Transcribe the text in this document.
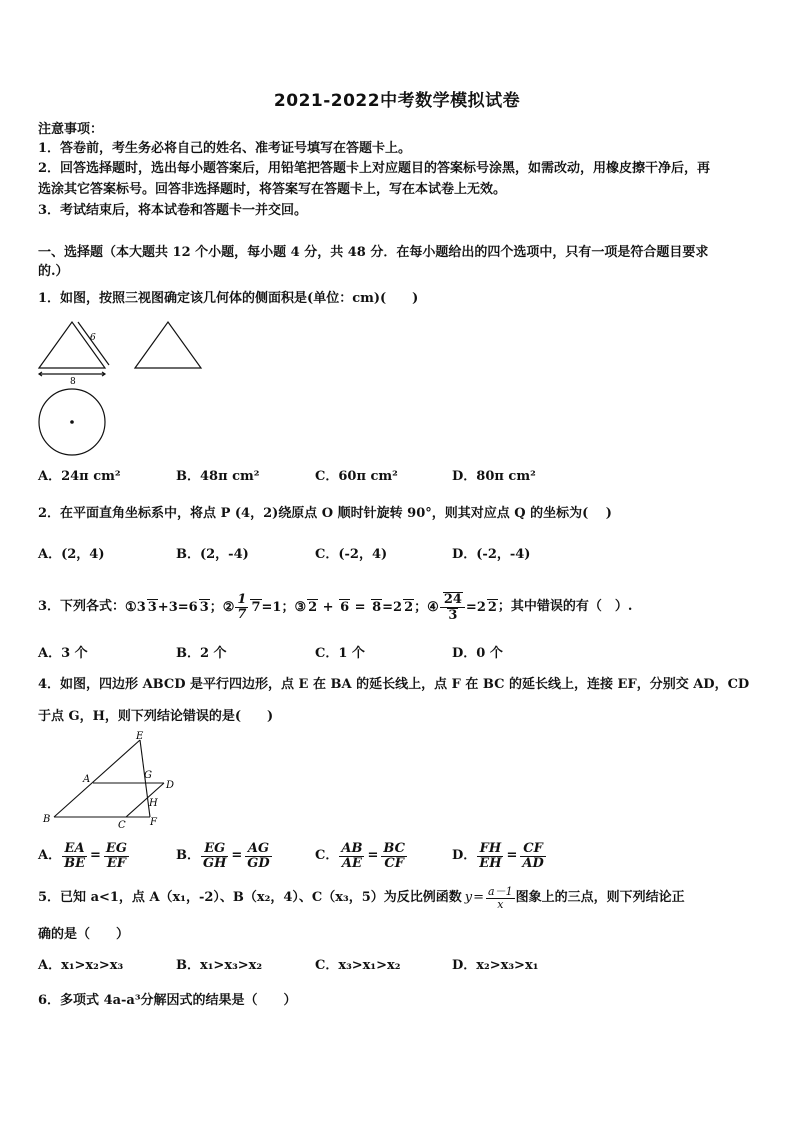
2021-2022中考数学模拟试卷
注意事项：
1．答卷前，考生务必将自己的姓名、准考证号填写在答题卡上。
2．回答选择题时，选出每小题答案后，用铅笔把答题卡上对应题目的答案标号涂黑，如需改动，用橡皮擦干净后，再
选涂其它答案标号。回答非选择题时，将答案写在答题卡上，写在本试卷上无效。
3．考试结束后，将本试卷和答题卡一并交回。
一、选择题（本大题共 12 个小题，每小题 4 分，共 48 分．在每小题给出的四个选项中，只有一项是符合题目要求
的.）
1．如图，按照三视图确定该几何体的侧面积是(单位：cm)(　　)
6
8
A．24π cm²	B．48π cm²	C．60π cm²	D．80π cm²
2．在平面直角坐标系中，将点 P (4，2)绕原点 O 顺时针旋转 90°，则其对应点 Q 的坐标为(　 )
A．(2，4)	B．(2，-4)	C．(-2，4)	D．(-2，-4)
3．下列各式： ①3 3+3=6 3； ② $\frac{1}{7} 7=1$； ③ 2 + 6 = 8=2 2； ④ $\frac{24}{3} =2$ 2 ；其中错误的有（　）.
A．3 个	B．2 个	C．1 个	D．0 个
4．如图，四边形 ABCD 是平行四边形，点 E 在 BA 的延长线上，点 F 在 BC 的延长线上，连接 EF，分别交 AD，CD
于点 G，H，则下列结论错误的是(　　)
E
A	G
D
H
B
C F
A． $\frac{EA}{BE} = \frac{EG}{EF}$	B． $\frac{EG}{GH} = \frac{AG}{GD}$	C． $\frac{AB}{AE} = \frac{BC}{CF}$	D． $\frac{FH}{EH} = \frac{CF}{AD}$
5．已知 a<1，点 A（x₁，-2）、B（x₂，4）、C（x₃，5）为反比例函数 $y = \frac{a-1}{x}$ 图象上的三点，则下列结论正
确的是（　　）
A．x₁>x₂>x₃	B．x₁>x₃>x₂	C．x₃>x₁>x₂	D．x₂>x₃>x₁
6．多项式 4a-a³分解因式的结果是（　　）
